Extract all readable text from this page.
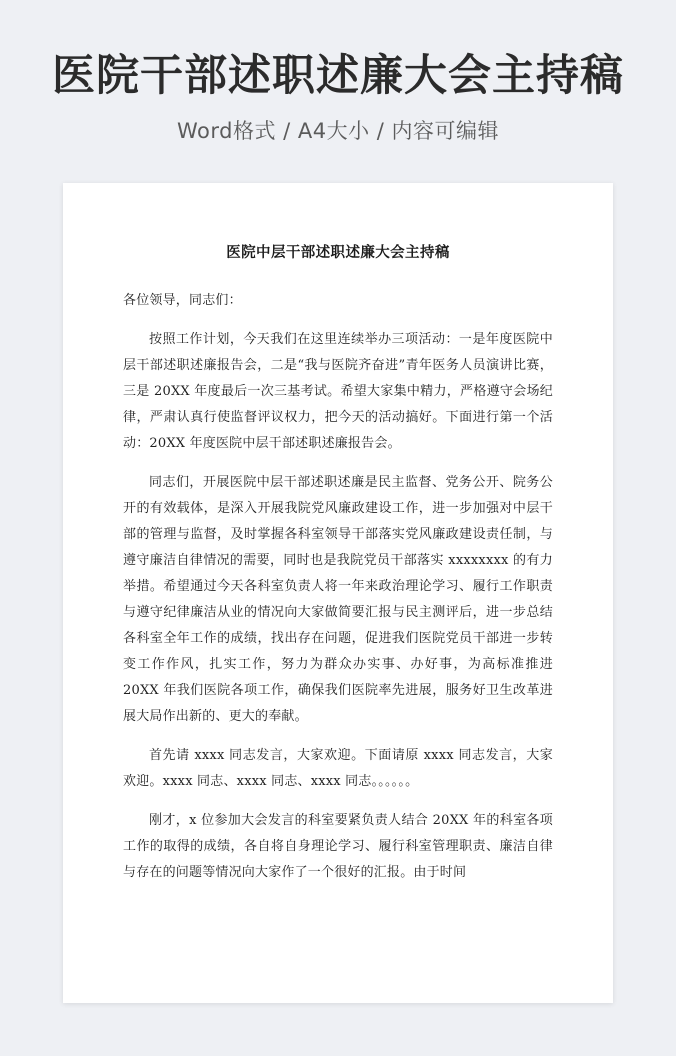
医院干部述职述廉大会主持稿
Word格式 / A4大小 / 内容可编辑
医院中层干部述职述廉大会主持稿

各位领导，同志们：

按照工作计划，今天我们在这里连续举办三项活动：一是年度医院中层干部述职述廉报告会，二是“我与医院齐奋进”青年医务人员演讲比赛，三是 20XX 年度最后一次三基考试。希望大家集中精力，严格遵守会场纪律，严肃认真行使监督评议权力，把今天的活动搞好。下面进行第一个活动：20XX 年度医院中层干部述职述廉报告会。

同志们，开展医院中层干部述职述廉是民主监督、党务公开、院务公开的有效载体，是深入开展我院党风廉政建设工作，进一步加强对中层干部的管理与监督，及时掌握各科室领导干部落实党风廉政建设责任制，与遵守廉洁自律情况的需要，同时也是我院党员干部落实 xxxxxxxx 的有力举措。希望通过今天各科室负责人将一年来政治理论学习、履行工作职责与遵守纪律廉洁从业的情况向大家做简要汇报与民主测评后，进一步总结各科室全年工作的成绩，找出存在问题，促进我们医院党员干部进一步转变工作作风，扎实工作，努力为群众办实事、办好事，为高标准推进 20XX 年我们医院各项工作，确保我们医院率先进展，服务好卫生改革进展大局作出新的、更大的奉献。

首先请 xxxx 同志发言，大家欢迎。下面请原 xxxx 同志发言，大家欢迎。xxxx 同志、xxxx 同志、xxxx 同志。。。。。。

刚才，x 位参加大会发言的科室要紧负责人结合 20XX 年的科室各项工作的取得的成绩，各自将自身理论学习、履行科室管理职责、廉洁自律与存在的问题等情况向大家作了一个很好的汇报。由于时间
